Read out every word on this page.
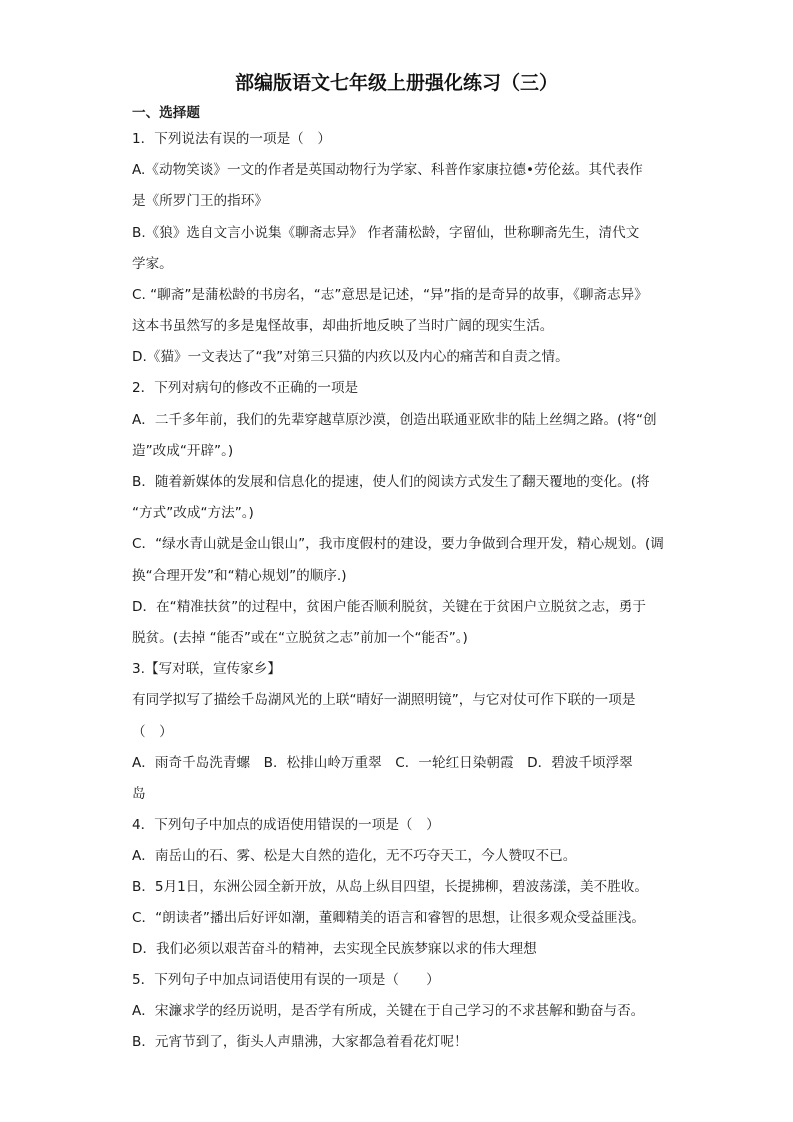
部编版语文七年级上册强化练习（三）
一、选择题
1．下列说法有误的一项是（　）
A.《动物笑谈》一文的作者是英国动物行为学家、科普作家康拉德•劳伦兹。其代表作
是《所罗门王的指环》
B.《狼》选自文言小说集《聊斋志异》 作者蒲松龄，字留仙，世称聊斋先生，清代文
学家。
C. “聊斋”是蒲松龄的书房名，“志”意思是记述，“异”指的是奇异的故事，《聊斋志异》
这本书虽然写的多是鬼怪故事，却曲折地反映了当时广阔的现实生活。
D.《猫》一文表达了“我”对第三只猫的内疚以及内心的痛苦和自责之情。
2．下列对病句的修改不正确的一项是
A．二千多年前，我们的先辈穿越草原沙漠，创造出联通亚欧非的陆上丝绸之路。(将“创
造”改成“开辟”。)
B．随着新媒体的发展和信息化的提速，使人们的阅读方式发生了翻天覆地的变化。(将
“方式”改成“方法”。)
C．“绿水青山就是金山银山”，我市度假村的建设，要力争做到合理开发，精心规划。(调
换“合理开发”和“精心规划”的顺序.)
D．在“精准扶贫”的过程中，贫困户能否顺利脱贫，关键在于贫困户立脱贫之志，勇于
脱贫。(去掉 “能否”或在“立脱贫之志”前加一个“能否”。)
3.【写对联，宣传家乡】
有同学拟写了描绘千岛湖风光的上联“晴好一湖照明镜”，与它对仗可作下联的一项是
（　）
A．雨奇千岛洗青螺　B．松排山岭万重翠　C．一轮红日染朝霞　D．碧波千顷浮翠
岛
4．下列句子中加点的成语使用错误的一项是（　）
A．南岳山的石、雾、松是大自然的造化，无不巧夺天工，今人赞叹不已。
B．5月1日，东洲公园全新开放，从岛上纵目四望，长提拂柳，碧波荡漾，美不胜收。
C．“朗读者”播出后好评如潮，董卿精美的语言和睿智的思想，让很多观众受益匪浅。
D．我们必须以艰苦奋斗的精神，去实现全民族梦寐以求的伟大理想
5．下列句子中加点词语使用有误的一项是（　　）
A．宋濂求学的经历说明，是否学有所成，关键在于自己学习的不求甚解和勤奋与否。
B．元宵节到了，街头人声鼎沸，大家都急着看花灯呢！
